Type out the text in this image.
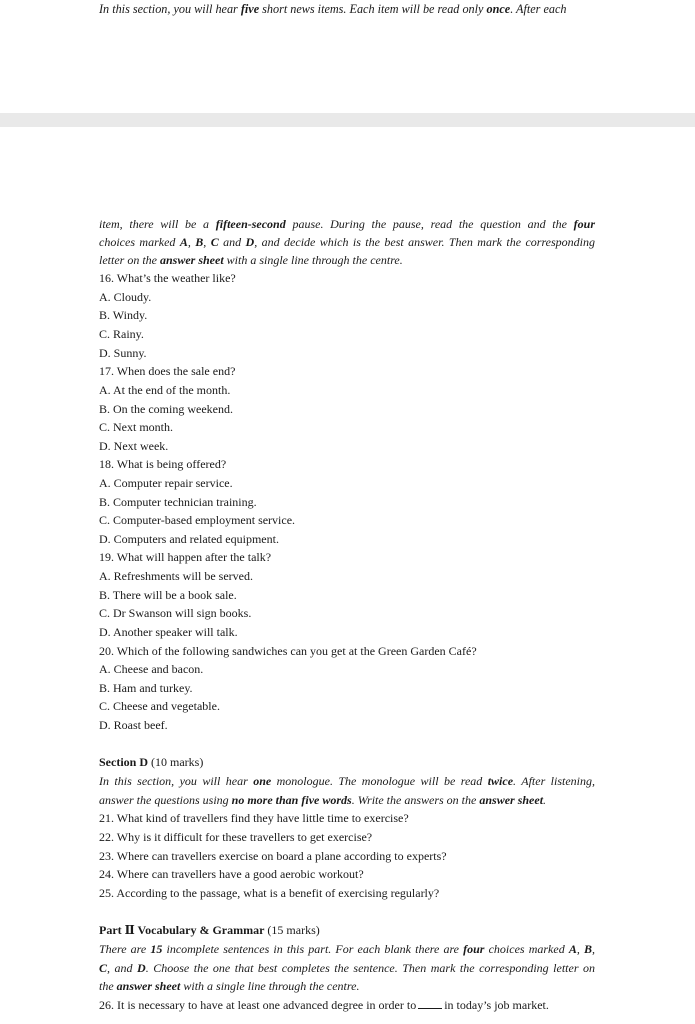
In this section, you will hear five short news items. Each item will be read only once. After each
item, there will be a fifteen-second pause. During the pause, read the question and the four
choices marked A, B, C and D, and decide which is the best answer. Then mark the corresponding
letter on the answer sheet with a single line through the centre.
16. What’s the weather like?
A. Cloudy.
B. Windy.
C. Rainy.
D. Sunny.
17. When does the sale end?
A. At the end of the month.
B. On the coming weekend.
C. Next month.
D. Next week.
18. What is being offered?
A. Computer repair service.
B. Computer technician training.
C. Computer-based employment service.
D. Computers and related equipment.
19. What will happen after the talk?
A. Refreshments will be served.
B. There will be a book sale.
C. Dr Swanson will sign books.
D. Another speaker will talk.
20. Which of the following sandwiches can you get at the Green Garden Café?
A. Cheese and bacon.
B. Ham and turkey.
C. Cheese and vegetable.
D. Roast beef.
Section D (10 marks)
In this section, you will hear one monologue. The monologue will be read twice. After listening,
answer the questions using no more than five words. Write the answers on the answer sheet.
21. What kind of travellers find they have little time to exercise?
22. Why is it difficult for these travellers to get exercise?
23. Where can travellers exercise on board a plane according to experts?
24. Where can travellers have a good aerobic workout?
25. According to the passage, what is a benefit of exercising regularly?
Part Ⅱ Vocabulary & Grammar (15 marks)
There are 15 incomplete sentences in this part. For each blank there are four choices marked A, B,
C, and D. Choose the one that best completes the sentence. Then mark the corresponding letter on
the answer sheet with a single line through the centre.
26. It is necessary to have at least one advanced degree in order to in today’s job market.
